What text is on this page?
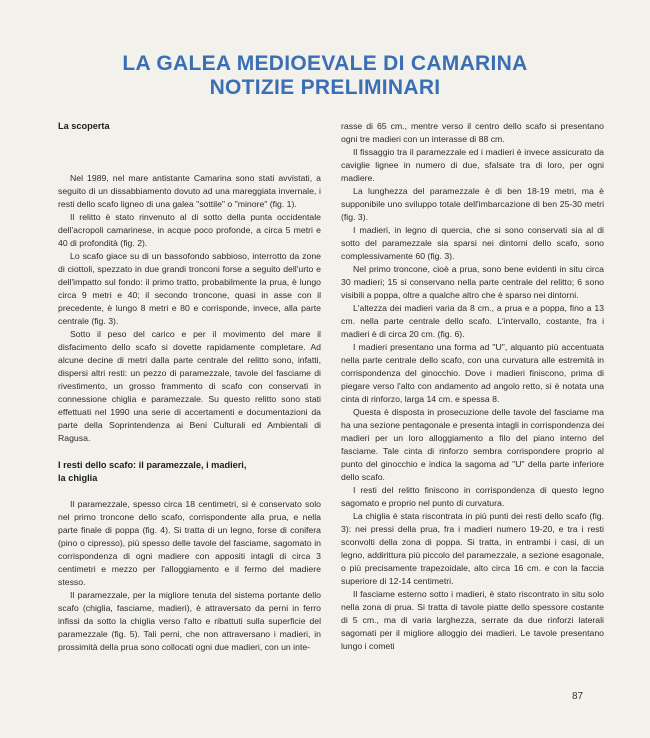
LA GALEA MEDIOEVALE DI CAMARINA
NOTIZIE PRELIMINARI
La scoperta

Nel 1989, nel mare antistante Camarina sono stati avvistati, a seguito di un dissabbiamento dovuto ad una mareggiata invernale, i resti dello scafo ligneo di una galea "sottile" o "minore" (fig. 1).

Il relitto è stato rinvenuto al di sotto della punta occidentale dell'acropoli camarinese, in acque poco profonde, a circa 5 metri e 40 di profondità (fig. 2).

Lo scafo giace su di un bassofondo sabbioso, interrotto da zone di ciottoli, spezzato in due grandi tronconi forse a seguito dell'urto e dell'impatto sul fondo: il primo tratto, probabilmente la prua, è lungo circa 9 metri e 40; il secondo troncone, quasi in asse con il precedente, è lungo 8 metri e 80 e corrisponde, invece, alla parte centrale (fig. 3).

Sotto il peso del carico e per il movimento del mare il disfacimento dello scafo si dovette rapidamente completare. Ad alcune decine di metri dalla parte centrale del relitto sono, infatti, dispersi altri resti: un pezzo di paramezzale, tavole del fasciame di rivestimento, un grosso frammento di scafo con conservati in connessione chiglia e paramezzale. Su questo relitto sono stati effettuati nel 1990 una serie di accertamenti e documentazioni da parte della Soprintendenza ai Beni Culturali ed Ambientali di Ragusa.

I resti dello scafo: il paramezzale, i madieri,
la chiglia

Il paramezzale, spesso circa 18 centimetri, si è conservato solo nel primo troncone dello scafo, corrispondente alla prua, e nella parte finale di poppa (fig. 4). Si tratta di un legno, forse di conifera (pino o cipresso), più spesso delle tavole del fasciame, sagomato in corrispondenza di ogni madiere con appositi intagli di circa 3 centimetri e mezzo per l'alloggiamento e il fermo del madiere stesso.

Il paramezzale, per la migliore tenuta del sistema portante dello scafo (chiglia, fasciame, madieri), è attraversato da perni in ferro infissi da sotto la chiglia verso l'alto e ribattuti sulla superficie del paramezzale (fig. 5). Tali perni, che non attraversano i madieri, in prossimità della prua sono collocati ogni due madieri, con un inte-

rasse di 65 cm., mentre verso il centro dello scafo si presentano ogni tre madieri con un interasse di 88 cm.

Il fissaggio tra il paramezzale ed i madieri è invece assicurato da caviglie lignee in numero di due, sfalsate tra di loro, per ogni madiere.

La lunghezza del paramezzale è di ben 18-19 metri, ma è supponibile uno sviluppo totale dell'imbarcazione di ben 25-30 metri (fig. 3).

I madieri, in legno di quercia, che si sono conservati sia al di sotto del paramezzale sia sparsi nei dintorni dello scafo, sono complessivamente 60 (fig. 3).

Nel primo troncone, cioè a prua, sono bene evidenti in situ circa 30 madieri; 15 si conservano nella parte centrale del relitto; 6 sono visibili a poppa, oltre a qualche altro che è sparso nei dintorni.

L'altezza dei madieri varia da 8 cm., a prua e a poppa, fino a 13 cm. nella parte centrale dello scafo. L'intervallo, costante, fra i madieri è di circa 20 cm. (fig. 6).

I madieri presentano una forma ad "U", alquanto più accentuata nella parte centrale dello scafo, con una curvatura alle estremità in corrispondenza del ginocchio. Dove i madieri finiscono, prima di piegare verso l'alto con andamento ad angolo retto, si è notata una cinta di rinforzo, larga 14 cm. e spessa 8.

Questa è disposta in prosecuzione delle tavole del fasciame ma ha una sezione pentagonale e presenta intagli in corrispondenza dei madieri per un loro alloggiamento a filo del piano interno del fasciame. Tale cinta di rinforzo sembra corrispondere proprio al punto del ginocchio e indica la sagoma ad "U" della parte inferiore dello scafo.

I resti del relitto finiscono in corrispondenza di questo legno sagomato e proprio nel punto di curvatura.

La chiglia è stata riscontrata in più punti dei resti dello scafo (fig. 3): nei pressi della prua, fra i madieri numero 19-20, e tra i resti sconvolti della zona di poppa. Si tratta, in entrambi i casi, di un legno, addirittura più piccolo del paramezzale, a sezione esagonale, o più precisamente trapezoidale, alto circa 16 cm. e con la faccia superiore di 12-14 centimetri.

Il fasciame esterno sotto i madieri, è stato riscontrato in situ solo nella zona di prua. Si tratta di tavole piatte dello spessore costante di 5 cm., ma di varia larghezza, serrate da due rinforzi laterali sagomati per il migliore alloggio dei madieri. Le tavole presentano lungo i cometi

87
